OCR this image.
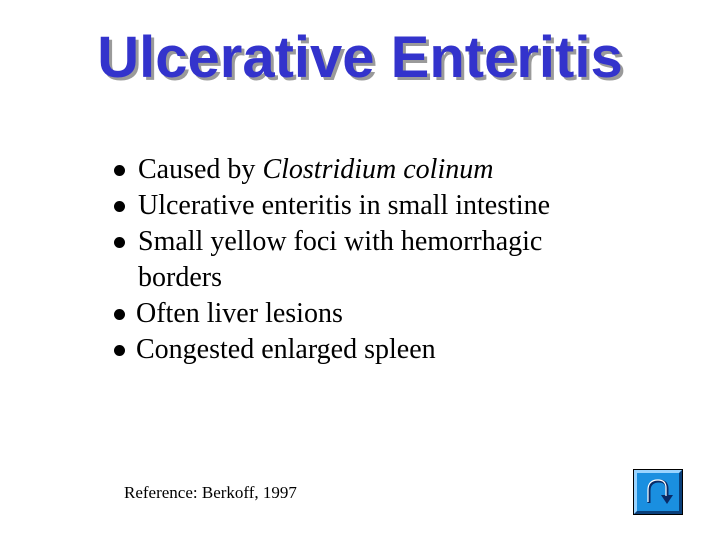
Ulcerative Enteritis
Caused by Clostridium colinum
Ulcerative enteritis in small intestine
Small yellow foci with hemorrhagic
borders
Often liver lesions
Congested enlarged spleen
Reference: Berkoff, 1997
